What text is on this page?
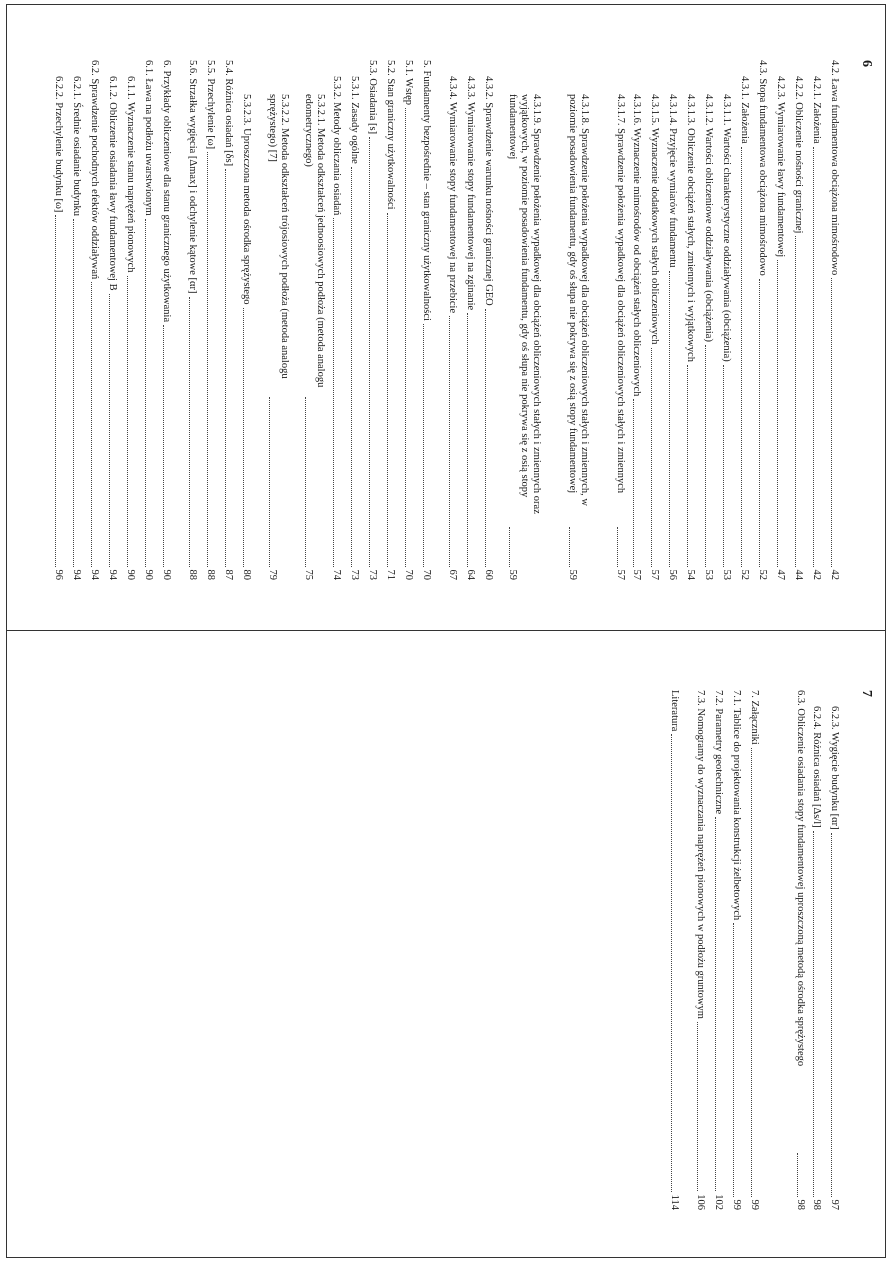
6
4.2. Ława fundamentowa obciążona mimośrodowo
42
4.2.1. Założenia
42
4.2.2. Obliczenie nośności granicznej
44
4.2.3. Wymiarowanie ławy fundamentowej
47
4.3. Stopa fundamentowa obciążona mimośrodowo
52
4.3.1. Założenia
52
4.3.1.1. Wartości charakterystyczne oddziaływania (obciążenia)
53
4.3.1.2. Wartości obliczeniowe oddziaływania (obciążenia)
53
4.3.1.3. Obliczenie obciążeń stałych, zmiennych i wyjątkowych
54
4.3.1.4. Przyjęcie wymiarów fundamentu
56
4.3.1.5. Wyznaczenie dodatkowych stałych obliczeniowych
57
4.3.1.6. Wyznaczenie mimośrodów od obciążeń stałych obliczeniowych
57
4.3.1.7. Sprawdzenie położenia wypadkowej dla obciążeń obliczeniowych stałych i zmiennych
57
4.3.1.8. Sprawdzenie położenia wypadkowej dla obciążeń obliczeniowych stałych i zmiennych, w poziomie posadowienia fundamentu, gdy oś słupa nie pokrywa się z osią stopy fundamentowej
59
4.3.1.9. Sprawdzenie położenia wypadkowej dla obciążeń obliczeniowych stałych i zmiennych oraz wyjątkowych, w poziomie posadowienia fundamentu, gdy oś słupa nie pokrywa się z osią stopy fundamentowej
59
4.3.2. Sprawdzenie warunku nośności granicznej GEO
60
4.3.3. Wymiarowanie stopy fundamentowej na zginanie
64
4.3.4. Wymiarowanie stopy fundamentowej na przebicie
67
5. Fundamenty bezpośrednie – stan graniczny użytkowalności
70
5.1. Wstęp
70
5.2. Stan graniczny użytkowalności
71
5.3. Osiadania [s]
73
5.3.1. Zasady ogólne
73
5.3.2. Metody obliczania osiadań
74
5.3.2.1. Metoda odkształceń jednoosiowych podłoża (metoda analogu edometrycznego)
75
5.3.2.2. Metoda odkształceń trójosiowych podłoża (metoda analogu sprężystego) [7]
79
5.3.2.3. Uproszczona metoda ośrodka sprężystego
80
5.4. Różnica osiadań [δs]
87
5.5. Przechylenie [ω]
88
5.6. Strzałka wygięcia [Δmax] i odchylenie kątowe [αr]
88
6. Przykłady obliczeniowe dla stanu granicznego użytkowania
90
6.1. Ława na podłożu uwarstwionym
90
6.1.1. Wyznaczenie stanu naprężeń pionowych
90
6.1.2. Obliczenie osiadania ławy fundamentowej B
94
6.2. Sprawdzenie pochodnych efektów oddziaływań
94
6.2.1. Średnie osiadanie budynku
94
6.2.2. Przechylenie budynku [ω]
96
7
6.2.3. Wygięcie budynku [αr]
97
6.2.4. Różnica osiadań [Δs/l]
98
6.3. Obliczenie osiadania stopy fundamentowej uproszczoną metodą ośrodka sprężystego
98
7. Załączniki
99
7.1. Tablice do projektowania konstrukcji żelbetowych
99
7.2. Parametry geotechniczne
102
7.3. Nomogramy do wyznaczania naprężeń pionowych w podłożu gruntowym
106
Literatura
114
